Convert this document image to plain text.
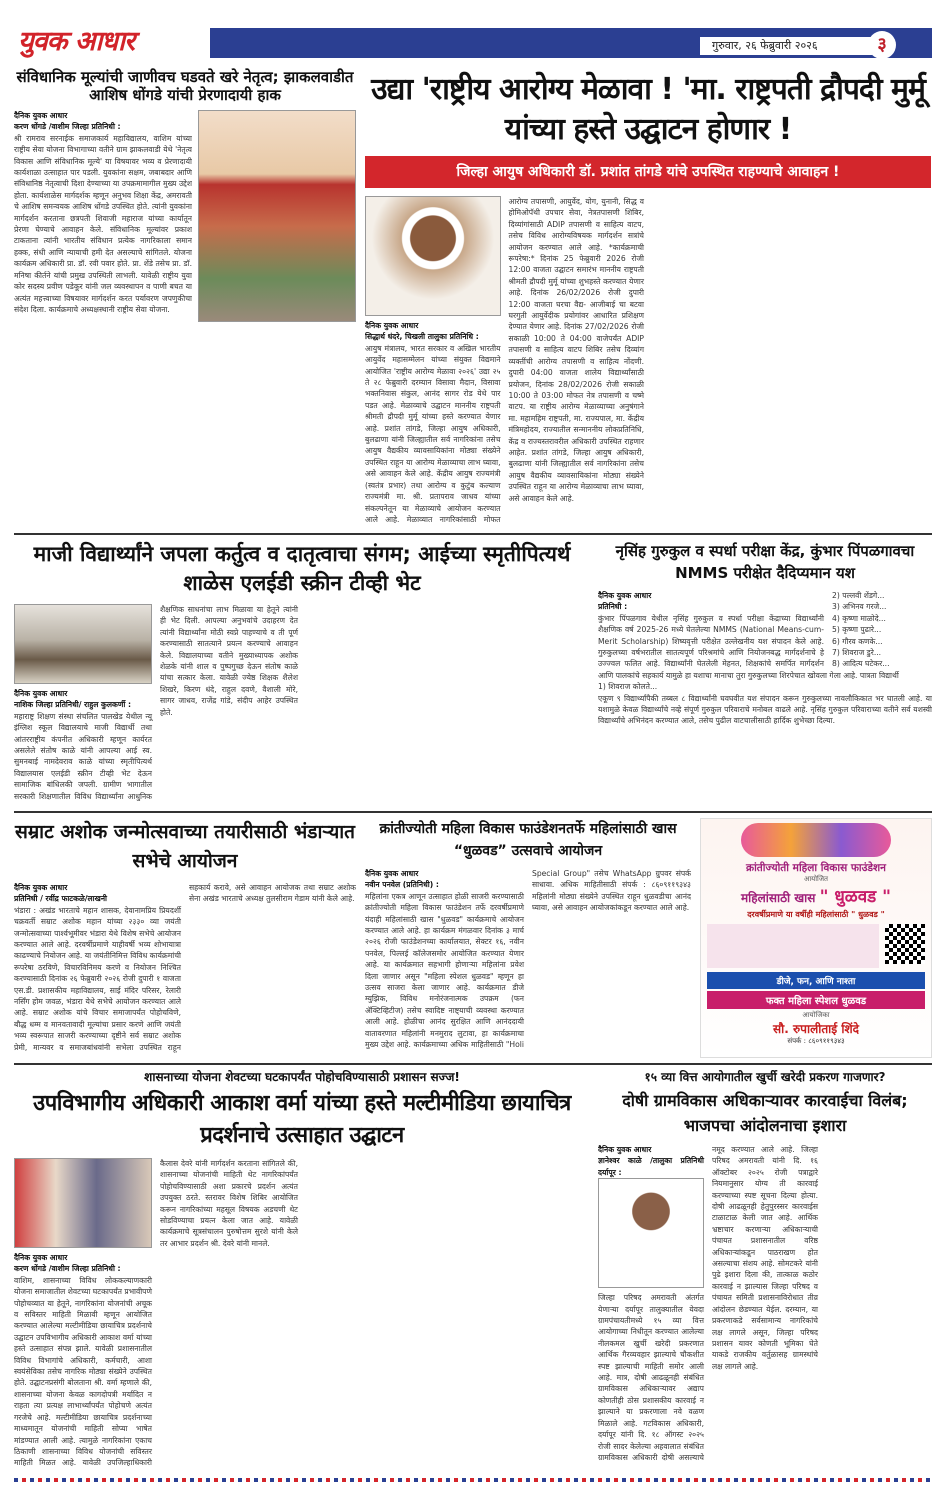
युवक आधार	गुरुवार, २६ फेब्रुवारी २०२६	३
संविधानिक मूल्यांची जाणीवच घडवते खरे नेतृत्व; झाकलवाडीत आशिष धोंगडे यांची प्रेरणादायी हाक
दैनिक युवक आधार
करण धोंगडे /वाशीम जिल्हा प्रतिनिधी :
श्री रामराव सरनाईक समाजकार्य महाविद्यालय, वाशिम यांच्या राष्ट्रीय सेवा योजना विभागाच्या वतीने ग्राम झाकलवाडी येथे 'नेतृत्व विकास आणि संविधानिक मूल्ये' या विषयावर भव्य व प्रेरणादायी कार्यशाळा उत्साहात पार पडली. युवकांना सक्षम, जबाबदार आणि संविधानिष्ठ नेतृत्वाची दिशा देण्याच्या या उपक्रमामागील मुख्य उद्देश होता. कार्यशाळेस मार्गदर्शक म्हणून अनुभव शिक्षा केंद्र, अमरावती चे आशिष समन्वयक आशिष धोंगडे उपस्थित होते. त्यांनी युवकांना मार्गदर्शन करताना छत्रपती शिवाजी महाराज यांच्या कार्यातून प्रेरणा घेण्याचे आवाहन केले. संविधानिक मूल्यांवर प्रकाश टाकताना त्यांनी भारतीय संविधान प्रत्येक नागरिकाला समान हक्क, संधी आणि न्यायाची हमी देत असल्याचे सांगितले. योजना कार्यक्रम अधिकारी प्रा. डॉ. रवी पवार होते. प्रा. शेंडे तसेच प्रा. डॉ. मनिषा कीर्तने यांची प्रमुख उपस्थिती लाभली. यावेळी राष्ट्रीय युवा कोर सदस्य प्रवीण पडेकूर यांनी जल व्यवस्थापन व पाणी बचत या अत्यंत महत्त्वाच्या विषयावर मार्गदर्शन करत पर्यावरण जपणुकीचा संदेश दिला. कार्यक्रमाचे अध्यक्षस्थानी राष्ट्रीय सेवा योजना.
उद्या 'राष्ट्रीय आरोग्य मेळावा ! 'मा. राष्ट्रपती द्रौपदी मुर्मू यांच्या हस्ते उद्घाटन होणार !
जिल्हा आयुष अधिकारी डॉ. प्रशांत तांगडे यांचे उपस्थित राहण्याचे आवाहन !
दैनिक युवक आधार
सिद्धार्थ धंदरे, चिखली तालुका प्रतिनिधि :
आयुष मंत्रालय, भारत सरकार व अखिल भारतीय आयुर्वेद महासम्मेलन यांच्या संयुक्त विद्यमाने आयोजित 'राष्ट्रीय आरोग्य मेळावा २०२६' उद्या २५ ते २८ फेब्रुवारी दरम्यान विसावा मैदान, विसावा भक्तनिवास संकुल, आनंद सागर रोड येथे पार पडत आहे. मेळाव्याचे उद्घाटन माननीय राष्ट्रपती श्रीमती द्रौपदी मुर्मू यांच्या हस्ते करण्यात येणार आहे. प्रशांत तांगडे, जिल्हा आयुष अधिकारी, बुलढाणा यांनी जिल्ह्यातील सर्व नागरिकांना तसेच आयुष वैद्यकीय व्यावसायिकांना मोठ्या संख्येने उपस्थित राहून या आरोग्य मेळाव्याचा लाभ घ्यावा, असे आवाहन केले आहे. केंद्रीय आयुष राज्यमंत्री (स्वतंत्र प्रभार) तथा आरोग्य व कुटुंब कल्याण राज्यमंत्री मा. श्री. प्रतापराव जाधव यांच्या संकल्पनेतून या मेळाव्याचे आयोजन करण्यात आले आहे. मेळाव्यात नागरिकांसाठी मोफत आरोग्य तपासणी, आयुर्वेद, योग, युनानी, सिद्ध व होमिओपॅथी उपचार सेवा, नेत्रतपासणी शिबिर, दिव्यांगांसाठी ADIP तपासणी व साहित्य वाटप, तसेच विविध आरोग्यविषयक मार्गदर्शन सत्रांचे आयोजन करण्यात आले आहे. *कार्यक्रमाची रूपरेषा:* दिनांक 25 फेब्रुवारी 2026 रोजी 12:00 वाजता उद्घाटन समारंभ माननीय राष्ट्रपती श्रीमती द्रौपदी मुर्मू यांच्या शुभहस्ते करण्यात येणार आहे. दिनांक 26/02/2026 रोजी दुपारी 12:00 वाजता घरचा वैद्य- आजीबाई चा बटवा घरगुती आयुर्वेदीक प्रयोगांवर आधारित प्रशिक्षण देण्यात येणार आहे. दिनांक 27/02/2026 रोजी सकाळी 10:00 ते 04:00 वाजेपर्यंत ADIP तपासणी व साहित्य वाटप शिबिर तसेच दिव्यांग व्यक्तींची आरोग्य तपासणी व साहित्य नोंदणी. दुपारी 04:00 वाजता शालेय विद्यार्थ्यांसाठी प्रयोजन, दिनांक 28/02/2026 रोजी सकाळी 10:00 ते 03:00 मोफत नेत्र तपासणी व चष्मे वाटप. या राष्ट्रीय आरोग्य मेळाव्याच्या अनुषंगाने मा. महामहिम राष्ट्रपती, मा. राज्यपाल, मा. केंद्रीय मंत्रिमहोदय, राज्यातील सन्माननीय लोकप्रतिनिधि, केंद्र व राज्यस्तरावरील अधिकारी उपस्थित राहणार आहेत. प्रशांत तांगडे, जिल्हा आयुष अधिकारी, बुलढाणा यांनी जिल्ह्यातील सर्व नागरिकांना तसेच आयुष वैद्यकीय व्यावसायिकांना मोठ्या संख्येने उपस्थित राहून या आरोग्य मेळाव्याचा लाभ घ्यावा, असे आवाहन केले आहे.
माजी विद्यार्थ्यांने जपला कर्तुत्व व दातृत्वाचा संगम; आईच्या स्मृतीपित्यर्थ शाळेस एलईडी स्क्रीन टीव्ही भेट
दैनिक युवक आधार
नाशिक जिल्हा प्रतिनिधी/ राहुल कुलकर्णी :
महाराष्ट्र शिक्षण संस्था संचलित पालखेड येथील न्यू इंग्लिश स्कूल विद्यालयाचे माजी विद्यार्थी तथा आंतरराष्ट्रीय कंपनीत अधिकारी म्हणून कार्यरत असलेले संतोष काळे यांनी आपल्या आई स्व. सुमनबाई नामदेवराव काळे यांच्या स्मृतीपित्यर्थ विद्यालयास एलईडी स्क्रीन टीव्ही भेट देऊन सामाजिक बांधिलकी जपली. ग्रामीण भागातील सरकारी शिक्षणातील विविध विद्यार्थ्यांना आधुनिक शैक्षणिक साधनांचा लाभ मिळावा या हेतूने त्यांनी ही भेट दिली. आपल्या अनुभवांचे उदाहरण देत त्यांनी विद्यार्थ्यांना मोठी स्वप्ने पाहण्याचे व ती पूर्ण करण्यासाठी सातत्याने प्रयत्न करण्याचे आवाहन केले. विद्यालयाच्या वतीने मुख्याध्यापक अशोक शेळके यांनी शाल व पुष्पगुच्छ देऊन संतोष काळे यांचा सत्कार केला. यावेळी ज्येष्ठ शिक्षक शैलेश शिखरे, किरण धंदे, राहुल दवणे, वैशाली मोरे, सागर जाधव, राजेंद्र गांडे, संदीप आहेर उपस्थित होते.
नृसिंह गुरुकुल व स्पर्धा परीक्षा केंद्र, कुंभार पिंपळगावचा NMMS परीक्षेत दैदिप्यमान यश
2) पल्लवी शेंडगे...
3) अभिनव गरजे...
4) कृष्णा माळोदे...
5) कृष्णा पुढारे...
6) गौरव कणके...
7) शिवराज डुरे...
8) आदित्य घटेकर...
दैनिक युवक आधार
प्रतिनिधी :
कुंभार पिंपळगाव येथील नृसिंह गुरुकुल व स्पर्धा परीक्षा केंद्राच्या विद्यार्थ्यांनी शैक्षणिक वर्ष 2025-26 मध्ये घेतलेल्या NMMS (National Means-cum-Merit Scholarship) शिष्यवृत्ती परीक्षेत उल्लेखनीय यश संपादन केले आहे. गुरुकुलच्या वर्षभरातील सातत्यपूर्ण परिश्रमांचे आणि नियोजनबद्ध मार्गदर्शनाचे हे उज्ज्वल फलित आहे. विद्यार्थ्यांनी घेतलेली मेहनत, शिक्षकांचे समर्पित मार्गदर्शन आणि पालकांचे सहकार्य यामुळे हा यशाचा मानाचा तुरा गुरुकुलच्या शिरपेचात खोवला गेला आहे. पात्रता विद्यार्थी
1) शिवराज कोलते...
एकूण ९ विद्यार्थ्यांपैकी तब्बल ८ विद्यार्थ्यांनी घवघवीत यश संपादन करून गुरुकुलच्या नावलौकिकात भर घातली आहे. या यशामुळे केवळ विद्यार्थ्यांचे नव्हे संपूर्ण गुरुकुल परिवाराचे मनोबल वाढले आहे. नृसिंह गुरुकुल परिवाराच्या वतीने सर्व यशस्वी विद्यार्थ्यांचे अभिनंदन करण्यात आले, तसेच पुढील वाटचालीसाठी हार्दिक शुभेच्छा दिल्या.
सम्राट अशोक जन्मोत्सवाच्या तयारीसाठी भंडाऱ्यात सभेचे आयोजन
दैनिक युवक आधार
प्रतिनिधी / रवींद्र फाटकळे/लाखनी
भंडारा : अखंड भारताचे महान शासक, देवानामप्रिय प्रियदर्शी चक्रवर्ती सम्राट अशोक महान यांच्या २३३० व्या जयंती जन्मोत्सवाच्या पार्श्वभूमीवर भंडारा येथे विशेष सभेचे आयोजन करण्यात आले आहे. दरवर्षीप्रमाणे याहीवर्षी भव्य शोभायात्रा काढण्याचे नियोजन आहे. या जयंतीनिमित्त विविध कार्यक्रमांची रूपरेषा ठरविणे, विचारविनिमय करणे व नियोजन निश्चित करण्यासाठी दिनांक २६ फेब्रुवारी २०२६ रोजी दुपारी १ वाजता एस.डी. प्रशासकीय महाविद्यालय, साई मंदिर परिसर, रेलारी नर्सिंग होम जवळ, भंडारा येथे सभेचे आयोजन करण्यात आले आहे. सम्राट अशोक यांचे विचार समाजापर्यंत पोहोचविणे, बौद्ध धम्म व मानवतावादी मूल्यांचा प्रसार करणे आणि जयंती भव्य स्वरूपात साजरी करण्याच्या दृष्टीने सर्व सम्राट अशोक प्रेमी, मान्यवर व समाजबांधवांनी सभेला उपस्थित राहून सहकार्य करावे, असे आवाहन आयोजक तथा सम्राट अशोक सेना अखंड भारताचे अध्यक्ष तुलसीराम गेडाम यांनी केले आहे.
क्रांतीज्योती महिला विकास फाउंडेशनतर्फे महिलांसाठी खास “धुळवड” उत्सवाचे आयोजन
दैनिक युवक आधार
नवीन पनवेल (प्रतिनिधी) :
महिलांना एकत्र आणून उत्साहात होळी साजरी करण्यासाठी क्रांतीज्योती महिला विकास फाउंडेशन तर्फे दरवर्षीप्रमाणे यंदाही महिलांसाठी खास "धुळवड" कार्यक्रमाचे आयोजन करण्यात आले आहे. हा कार्यक्रम मंगळवार दिनांक ३ मार्च २०२६ रोजी फाउंडेशनच्या कार्यालयात, सेक्टर १६, नवीन पनवेल, पिल्लई कॉलेजसमोर आयोजित करण्यात येणार आहे. या कार्यक्रमात सहभागी होणाऱ्या महिलांना प्रवेश दिला जाणार असून "महिला स्पेशल धुळवड" म्हणून हा उत्सव साजरा केला जाणार आहे. कार्यक्रमात डीजे म्युझिक, विविध मनोरंजनात्मक उपक्रम (फन ॲक्टिव्हिटीज) तसेच स्वादिष्ट नाष्ट्याची व्यवस्था करण्यात आली आहे. होळीचा आनंद सुरक्षित आणि आनंददायी वातावरणात महिलांनी मनमुराद लुटावा, हा कार्यक्रमाचा मुख्य उद्देश आहे. कार्यक्रमाच्या अधिक माहितीसाठी "Holi Special Group" तसेच WhatsApp ग्रुपवर संपर्क साधावा. अधिक माहितीसाठी संपर्क : ८६०९११९३४३ महिलांनी मोठ्या संख्येने उपस्थित राहून धुळवडीचा आनंद घ्यावा, असे आवाहन आयोजकांकडून करण्यात आले आहे.
क्रांतीज्योती महिला विकास फाउंडेशन
आयोजित
महिलांसाठी खास " धुळवड "
दरवर्षीप्रमाणे या वर्षीही महिलांसाठी " धुळवड "
डीजे, फन, आणि नाश्ता
फक्त महिला स्पेशल धुळवड
आयोजिका
सौ. रुपालीताई शिंदे
संपर्क : ८६०९११९३४३
शासनाच्या योजना शेवटच्या घटकापर्यंत पोहोचविण्यासाठी प्रशासन सज्ज!	१५ व्या वित्त आयोगातील खुर्ची खरेदी प्रकरण गाजणार?
उपविभागीय अधिकारी आकाश वर्मा यांच्या हस्ते मल्टीमीडिया छायाचित्र प्रदर्शनाचे उत्साहात उद्घाटन
दैनिक युवक आधार
करण धोंगडे /वाशीम जिल्हा प्रतिनिधी :
वाशिम, शासनाच्या विविध लोककल्याणकारी योजना समाजातील शेवटच्या घटकापर्यंत प्रभावीपणे पोहोचव्यात या हेतूने, नागरिकांना योजनांची अचूक व सविस्तर माहिती मिळावी म्हणून आयोजित करण्यात आलेल्या मल्टीमीडिया छायाचित्र प्रदर्शनाचे उद्घाटन उपविभागीय अधिकारी आकाश वर्मा यांच्या हस्ते उत्साहात संपन्न झाले. यावेळी प्रशासनातील विविध विभागांचे अधिकारी, कर्मचारी, आशा स्वयंसेविका तसेच नागरिक मोठ्या संख्येने उपस्थित होते. उद्घाटनप्रसंगी बोलताना श्री. वर्मा म्हणाले की, शासनाच्या योजना केवळ कागदोपत्री मर्यादित न राहता त्या प्रत्यक्ष लाभार्थ्यांपर्यंत पोहोचणे अत्यंत गरजेचे आहे. मल्टीमीडिया छायाचित्र प्रदर्शनाच्या माध्यमातून योजनांची माहिती सोप्या भाषेत मांडण्यात आली आहे. त्यामुळे नागरिकांना एकाच ठिकाणी शासनाच्या विविध योजनांची सविस्तर माहिती मिळत आहे. यावेळी उपजिल्हाधिकारी कैलास देवरे यांनी मार्गदर्शन करताना सांगितले की, शासनाच्या योजनांची माहिती थेट नागरिकांपर्यंत पोहोचविण्यासाठी अशा प्रकारचे प्रदर्शन अत्यंत उपयुक्त ठरते. स्तरावर विशेष शिबिर आयोजित करून नागरिकांच्या महसूल विषयक अडचणी थेट सोडविण्याचा प्रयत्न केला जात आहे. यावेळी कार्यक्रमाचे सूत्रसंचालन पुरुषोत्तम सुरशे यांनी केले तर आभार प्रदर्शन श्री. देवरे यांनी मानले.
दोषी ग्रामविकास अधिकाऱ्यावर कारवाईचा विलंब; भाजपचा आंदोलनाचा इशारा
दैनिक युवक आधार
ज्ञानेश्वर काळे /तालुका प्रतिनिधी दर्यापूर :
जिल्हा परिषद अमरावती अंतर्गत येणाऱ्या दर्यापूर तालुक्यातील येवदा ग्रामपंचायतीमध्ये १५ व्या वित्त आयोगाच्या निधीतून करण्यात आलेल्या नीलकमल खुर्ची खरेदी प्रकरणात आर्थिक गैरव्यवहार झाल्याचे चौकशीत स्पष्ट झाल्याची माहिती समोर आली आहे. मात्र, दोषी आढळूनही संबंधित ग्रामविकास अधिकाऱ्यावर अद्याप कोणतीही ठोस प्रशासकीय कारवाई न झाल्याने या प्रकरणाला नवे वळण मिळाले आहे. गटविकास अधिकारी, दर्यापूर यांनी दि. १८ ऑगस्ट २०२५ रोजी सादर केलेल्या अहवालात संबंधित ग्रामविकास अधिकारी दोषी असल्याचे नमूद करण्यात आले आहे. जिल्हा परिषद अमरावती यांनी दि. १६ ऑक्टोबर २०२५ रोजी पत्राद्वारे नियमानुसार योग्य ती कारवाई करण्याच्या स्पष्ट सूचना दिल्या होत्या. दोषी आढळूनही हेतुपुरस्सर कारवाईस टाळाटाळ केली जात आहे. आर्थिक भ्रष्टाचार करणाऱ्या अधिकाऱ्याची पंचायत प्रशासनातील वरिष्ठ अधिकाऱ्यांकडून पाठराखण होत असल्याचा संशय आहे. सोमटकरे यांनी पुढे इशारा दिला की, तात्काळ कठोर कारवाई न झाल्यास जिल्हा परिषद व पंचायत समिती प्रशासनाविरोधात तीव्र आंदोलन छेडण्यात येईल. दरम्यान, या प्रकरणाकडे सर्वसामान्य नागरिकांचे लक्ष लागले असून, जिल्हा परिषद प्रशासन यावर कोणती भूमिका घेते याकडे राजकीय वर्तुळासह ग्रामस्थांचे लक्ष लागले आहे.
